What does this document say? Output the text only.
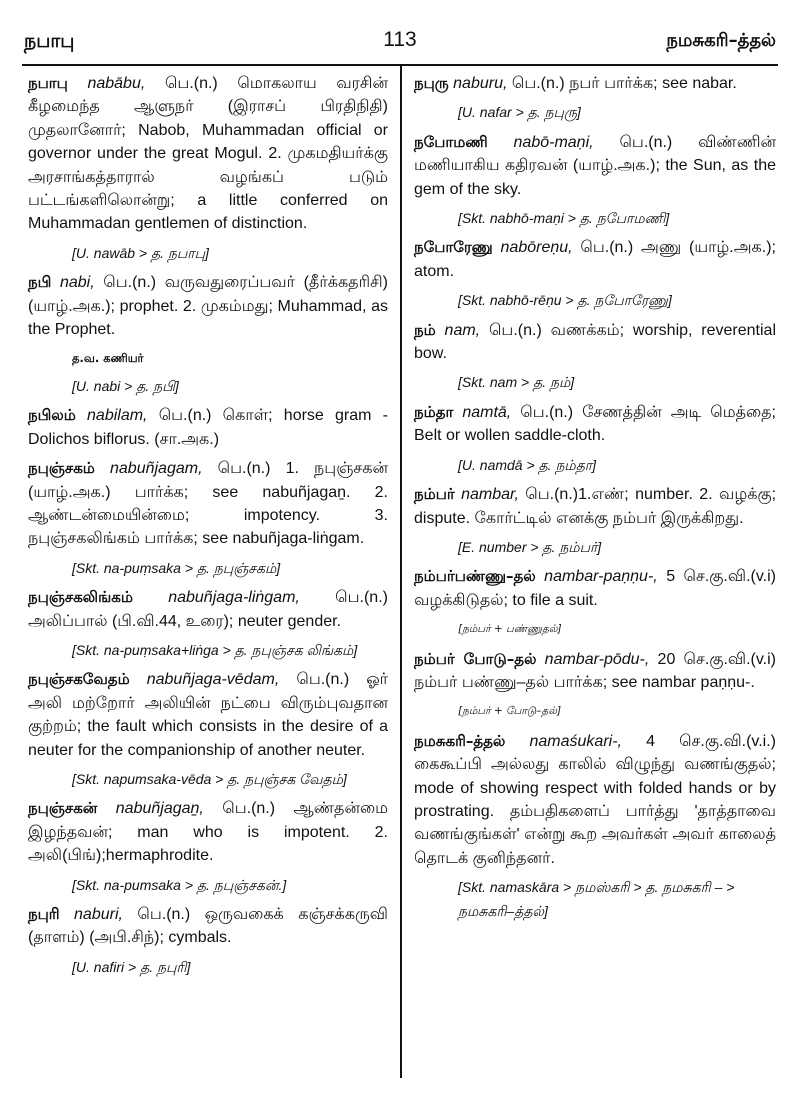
நபாபு	113	நமசுகரி–த்தல்
நபாபு nabābu, பெ.(n.) மொகலாய வரசின் கீழமைந்த ஆளுநர் (இராசப் பிரதிநிதி) முதலானோர்; Nabob, Muhammadan official or governor under the great Mogul. 2. முகமதியர்க்கு அரசாங்கத்தாரால் வழங்கப் படும் பட்டங்களிலொன்று; a little conferred on Muhammadan gentlemen of distinction.
[U. nawāb > த. நபாபு]
நபி nabi, பெ.(n.) வருவதுரைப்பவர் (தீர்க்கதரிசி) (யாழ்.அக.); prophet. 2. முகம்மது; Muhammad, as the Prophet.
த.வ. கணியர்
[U. nabi > த. நபி]
நபிலம் nabilam, பெ.(n.) கொள்; horse gram - Dolichos biflorus. (சா.அக.)
நபுஞ்சகம் nabuñjagam, பெ.(n.) 1. நபுஞ்சகன் (யாழ்.அக.) பார்க்க; see nabuñjagaṉ. 2. ஆண்டன்மையின்மை; impotency. 3. நபுஞ்சகலிங்கம் பார்க்க; see nabuñjaga-liṅgam.
[Skt. na-puṃsaka > த. நபுஞ்சகம்]
நபுஞ்சகலிங்கம் nabuñjaga-liṅgam, பெ.(n.) அலிப்பால் (பி.வி.44, உரை); neuter gender.
[Skt. na-puṃsaka+liṅga > த. நபுஞ்சக லிங்கம்]
நபுஞ்சகவேதம் nabuñjaga-vēdam, பெ.(n.) ஓர் அலி மற்றோர் அலியின் நட்பை விரும்புவதான குற்றம்; the fault which consists in the desire of a neuter for the companionship of another neuter.
[Skt. napumsaka-vēda > த. நபுஞ்சக வேதம்]
நபுஞ்சகன் nabuñjagaṉ, பெ.(n.) ஆண்தன்மை இழந்தவன்; man who is impotent. 2. அலி(பிங்);hermaphrodite.
[Skt. na-pumsaka > த. நபுஞ்சகன்.]
நபுரி naburi, பெ.(n.) ஒருவகைக் கஞ்சக்கருவி (தாளம்) (அபி.சிந்); cymbals.
[U. nafiri > த. நபுரி]
நபுரு naburu, பெ.(n.) நபர் பார்க்க; see nabar.
[U. nafar > த. நபுரு]
நபோமணி nabō-maṇi, பெ.(n.) விண்ணின் மணியாகிய கதிரவன் (யாழ்.அக.); the Sun, as the gem of the sky.
[Skt. nabhō-maṇi > த. நபோமணி]
நபோரேணு nabōreṇu, பெ.(n.) அணு (யாழ்.அக.); atom.
[Skt. nabhō-rēṇu > த. நபோரேணு]
நம் nam, பெ.(n.) வணக்கம்; worship, reverential bow.
[Skt. nam > த. நம்]
நம்தா namtā, பெ.(n.) சேணத்தின் அடி மெத்தை; Belt or wollen saddle-cloth.
[U. namdā > த. நம்தா]
நம்பர் nambar, பெ.(n.)1.எண்; number. 2. வழக்கு; dispute. கோர்ட்டில் எனக்கு நம்பர் இருக்கிறது.
[E. number > த. நம்பர்]
நம்பர்பண்ணு–தல் nambar-paṇṇu-, 5 செ.கு.வி.(v.i) வழக்கிடுதல்; to file a suit.
[நம்பர் + பண்ணுதல்]
நம்பர் போடு–தல் nambar-pōdu-, 20 செ.கு.வி.(v.i) நம்பர் பண்ணு–தல் பார்க்க; see nambar paṇṇu-.
[நம்பர் + போடு–தல்]
நமசுகரி–த்தல் namaśukari-, 4 செ.கு.வி.(v.i.) கைகூப்பி அல்லது காலில் விழுந்து வணங்குதல்; mode of showing respect with folded hands or by prostrating. தம்பதிகளைப் பார்த்து 'தாத்தாவை வணங்குங்கள்' என்று கூற அவர்கள் அவர் காலைத் தொடக் குனிந்தனர்.
[Skt. namaskāra > நமஸ்கரி > த. நமசுகரி – > நமசுகரி–த்தல்]
